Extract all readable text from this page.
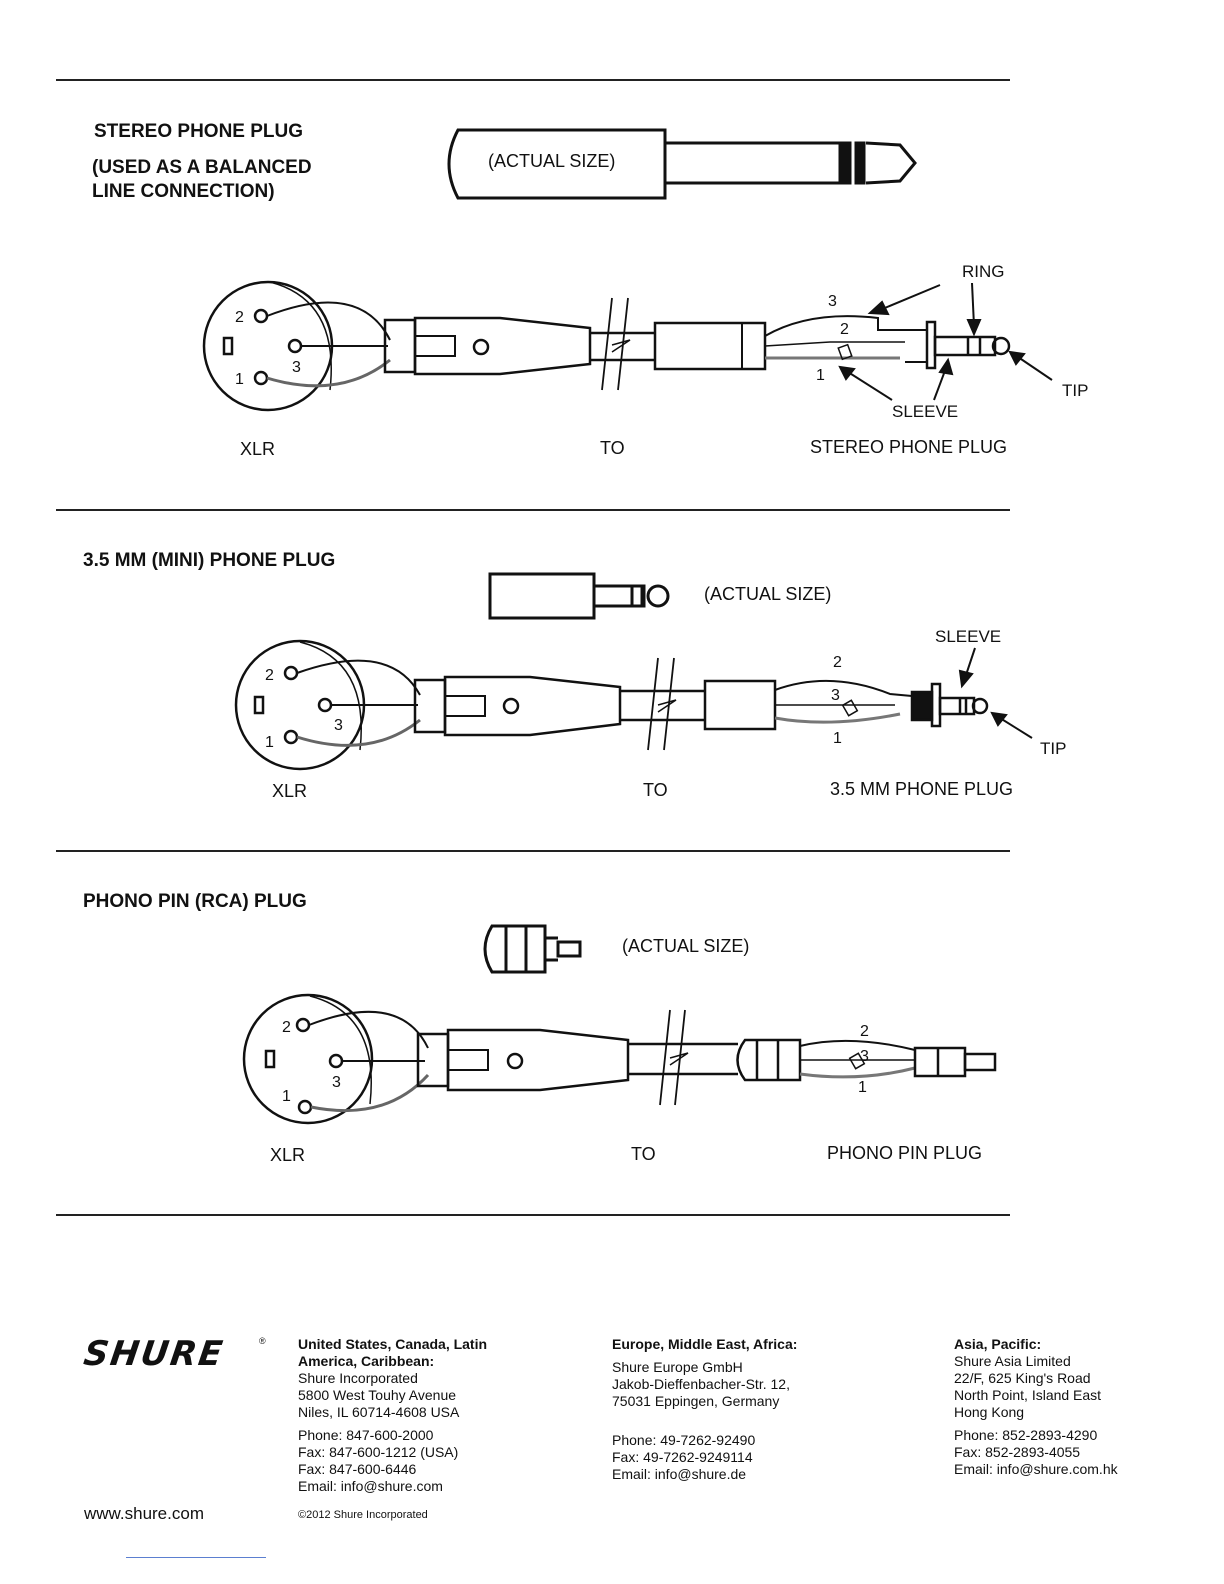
STEREO PHONE PLUG
(USED AS A BALANCED
LINE CONNECTION)
(ACTUAL SIZE)
2
3
1
3
2
1
RING
TIP
SLEEVE
XLR	TO	STEREO PHONE PLUG
3.5 MM (MINI) PHONE PLUG
(ACTUAL SIZE)
2
3
1
2
3
1
SLEEVE
TIP
XLR	TO	3.5 MM PHONE PLUG
PHONO PIN (RCA) PLUG
(ACTUAL SIZE)
2
3
1
2
3
1
XLR	TO	PHONO PIN PLUG
SHURE	® United States, Canada, Latin
America, Caribbean:
Shure Incorporated
5800 West Touhy Avenue
Niles, IL 60714-4608 USA
Phone: 847-600-2000
Fax: 847-600-1212 (USA)
Fax: 847-600-6446
Email: info@shure.com
Europe, Middle East, Africa:
Shure Europe GmbH
Jakob-Dieffenbacher-Str. 12,
75031 Eppingen, Germany
Phone: 49-7262-92490
Fax: 49-7262-9249114
Email: info@shure.de
Asia, Pacific:
Shure Asia Limited
22/F, 625 King's Road
North Point, Island East
Hong Kong
Phone: 852-2893-4290
Fax: 852-2893-4055
Email: info@shure.com.hk
www.shure.com	©2012 Shure Incorporated
